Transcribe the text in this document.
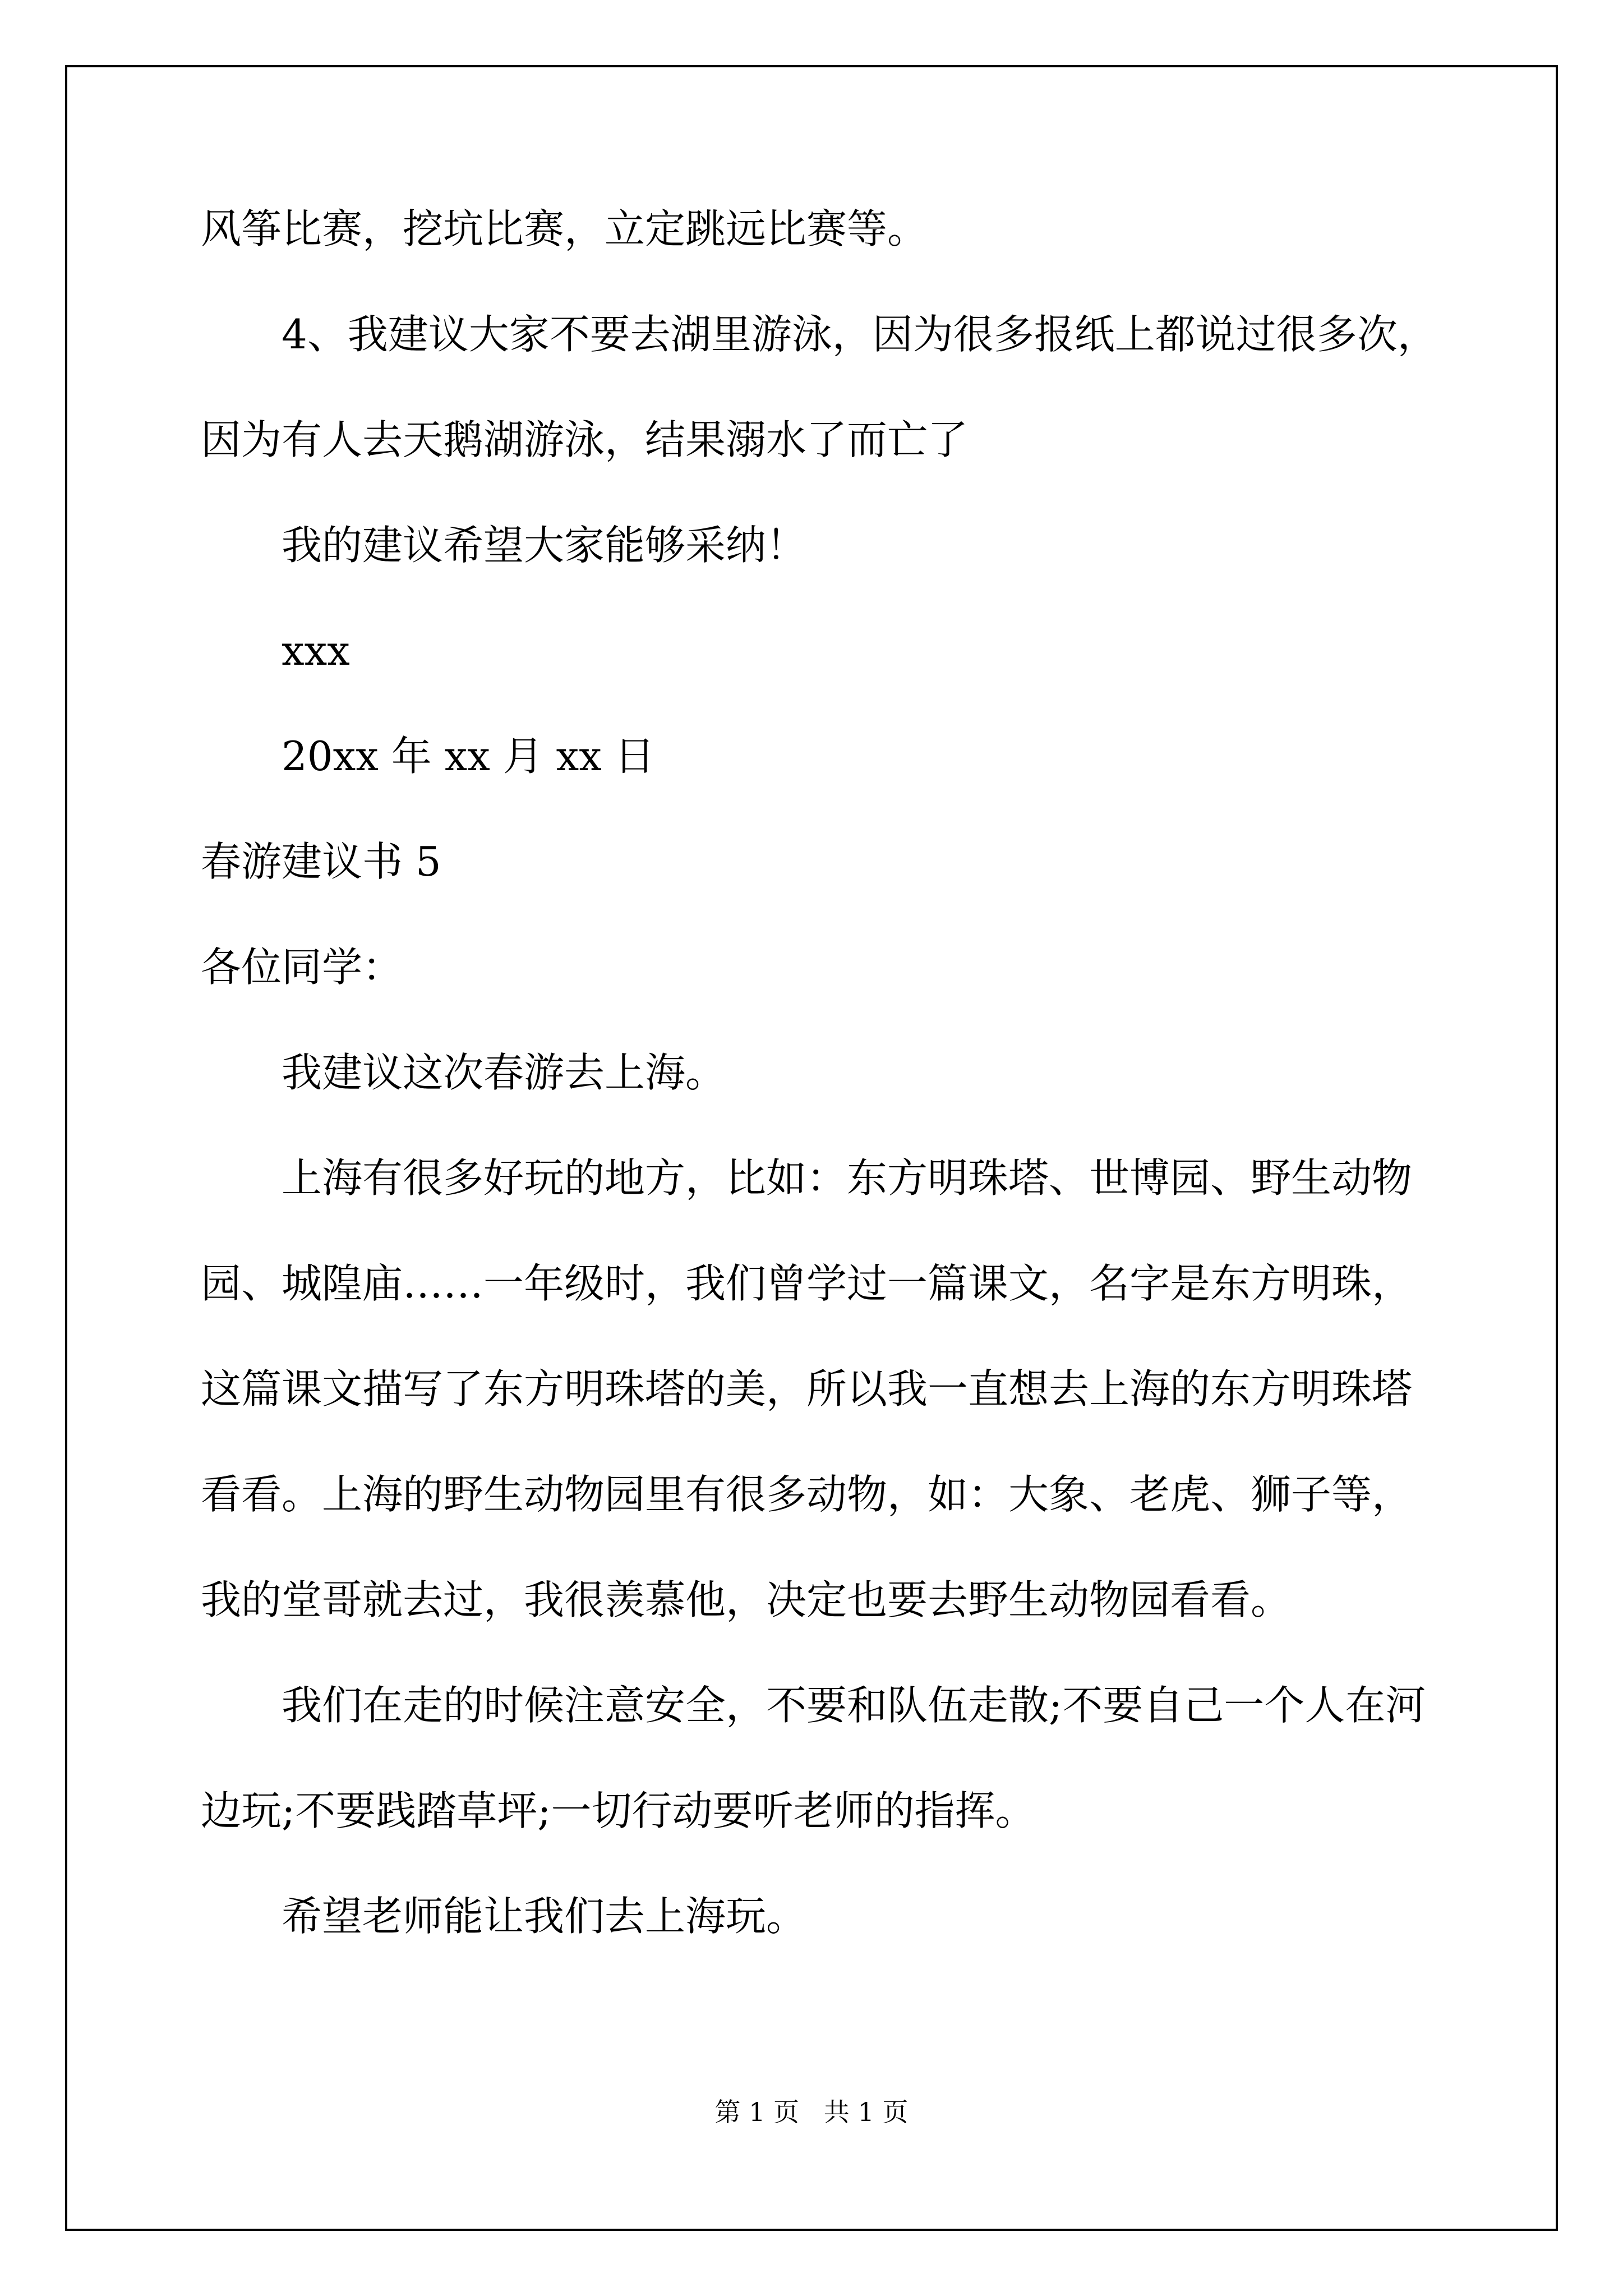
风筝比赛，挖坑比赛，立定跳远比赛等。
4、我建议大家不要去湖里游泳，因为很多报纸上都说过很多次，
因为有人去天鹅湖游泳，结果溺水了而亡了
我的建议希望大家能够采纳！
xxx
20xx 年 xx 月 xx 日
春游建议书 5
各位同学：
我建议这次春游去上海。
上海有很多好玩的地方，比如：东方明珠塔、世博园、野生动物
园、城隍庙……一年级时，我们曾学过一篇课文，名字是东方明珠，
这篇课文描写了东方明珠塔的美，所以我一直想去上海的东方明珠塔
看看。上海的野生动物园里有很多动物，如：大象、老虎、狮子等，
我的堂哥就去过，我很羡慕他，决定也要去野生动物园看看。
我们在走的时候注意安全，不要和队伍走散;不要自己一个人在河
边玩;不要践踏草坪;一切行动要听老师的指挥。
希望老师能让我们去上海玩。
第 1 页   共 1 页
